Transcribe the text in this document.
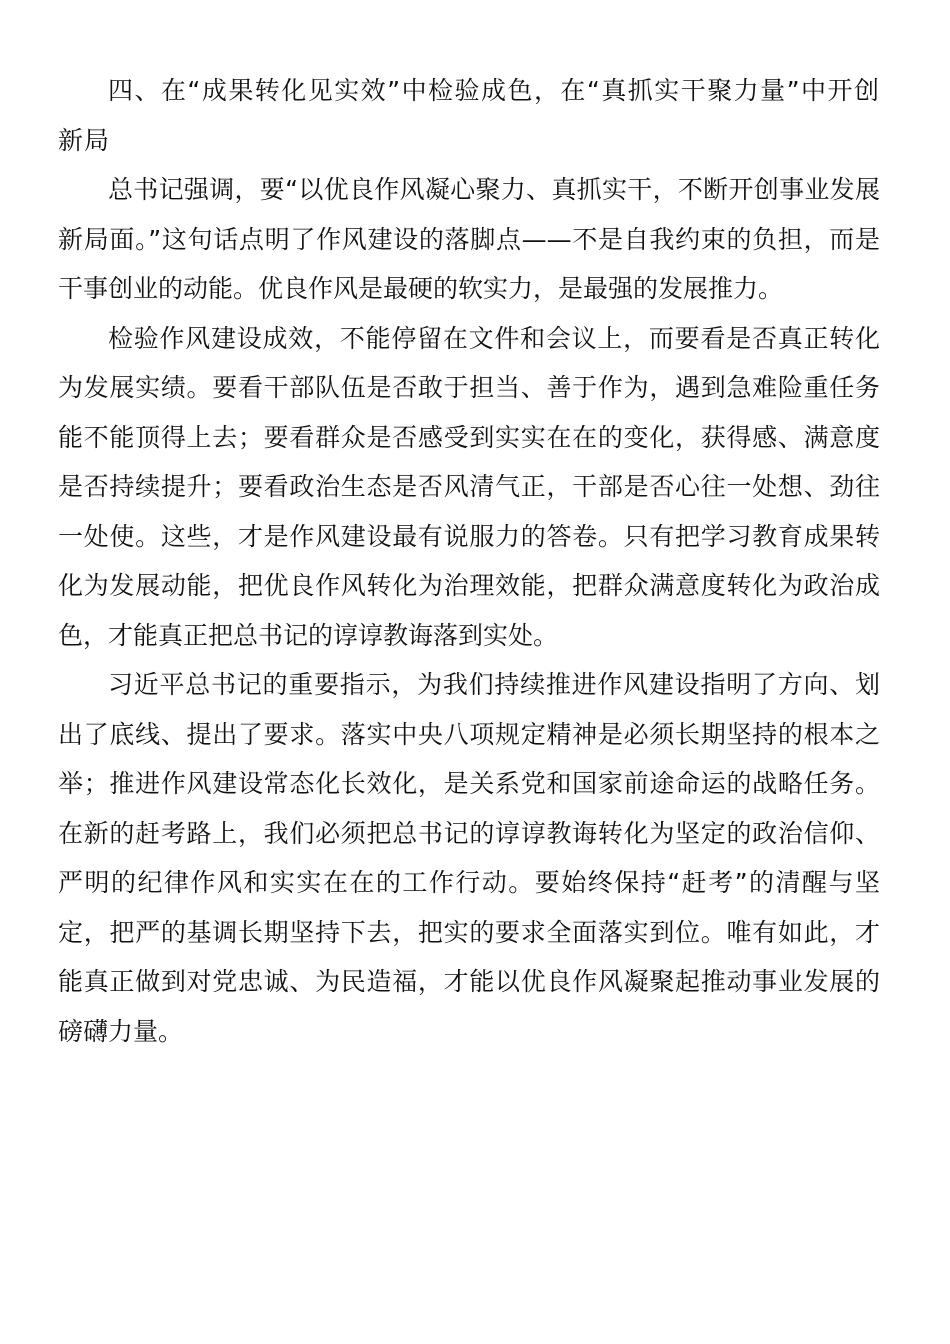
四、在“成果转化见实效”中检验成色，在“真抓实干聚力量”中开创新局

总书记强调，要“以优良作风凝心聚力、真抓实干，不断开创事业发展新局面。”这句话点明了作风建设的落脚点——不是自我约束的负担，而是干事创业的动能。优良作风是最硬的软实力，是最强的发展推力。

检验作风建设成效，不能停留在文件和会议上，而要看是否真正转化为发展实绩。要看干部队伍是否敢于担当、善于作为，遇到急难险重任务能不能顶得上去；要看群众是否感受到实实在在的变化，获得感、满意度是否持续提升；要看政治生态是否风清气正，干部是否心往一处想、劲往一处使。这些，才是作风建设最有说服力的答卷。只有把学习教育成果转化为发展动能，把优良作风转化为治理效能，把群众满意度转化为政治成色，才能真正把总书记的谆谆教诲落到实处。

习近平总书记的重要指示，为我们持续推进作风建设指明了方向、划出了底线、提出了要求。落实中央八项规定精神是必须长期坚持的根本之举；推进作风建设常态化长效化，是关系党和国家前途命运的战略任务。在新的赶考路上，我们必须把总书记的谆谆教诲转化为坚定的政治信仰、严明的纪律作风和实实在在的工作行动。要始终保持“赶考”的清醒与坚定，把严的基调长期坚持下去，把实的要求全面落实到位。唯有如此，才能真正做到对党忠诚、为民造福，才能以优良作风凝聚起推动事业发展的磅礴力量。
